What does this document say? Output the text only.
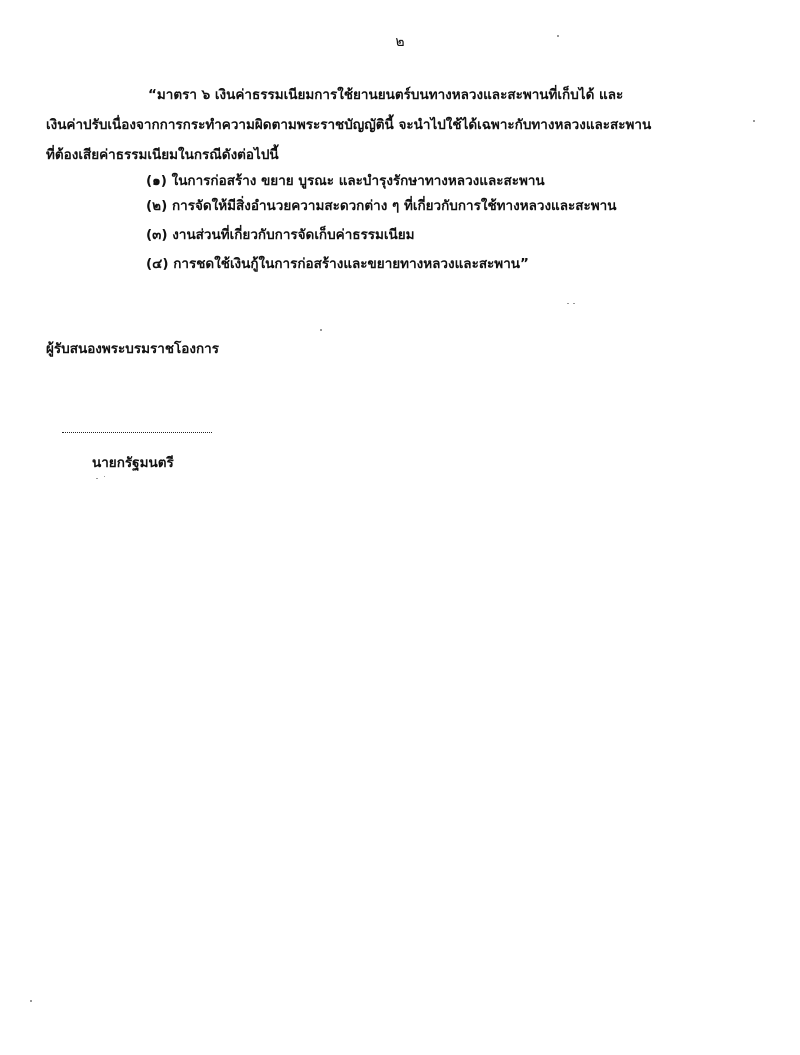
๒
“มาตรา ๖ เงินค่าธรรมเนียมการใช้ยานยนตร์บนทางหลวงและสะพานที่เก็บได้ และ
เงินค่าปรับเนื่องจากการกระทำความผิดตามพระราชบัญญัตินี้ จะนำไปใช้ได้เฉพาะกับทางหลวงและสะพาน
ที่ต้องเสียค่าธรรมเนียมในกรณีดังต่อไปนี้
(๑) ในการก่อสร้าง ขยาย บูรณะ และบำรุงรักษาทางหลวงและสะพาน
(๒) การจัดให้มีสิ่งอำนวยความสะดวกต่าง ๆ ที่เกี่ยวกับการใช้ทางหลวงและสะพาน
(๓) งานส่วนที่เกี่ยวกับการจัดเก็บค่าธรรมเนียม
(๔) การชดใช้เงินกู้ในการก่อสร้างและขยายทางหลวงและสะพาน”
ผู้รับสนองพระบรมราชโองการ
นายกรัฐมนตรี
